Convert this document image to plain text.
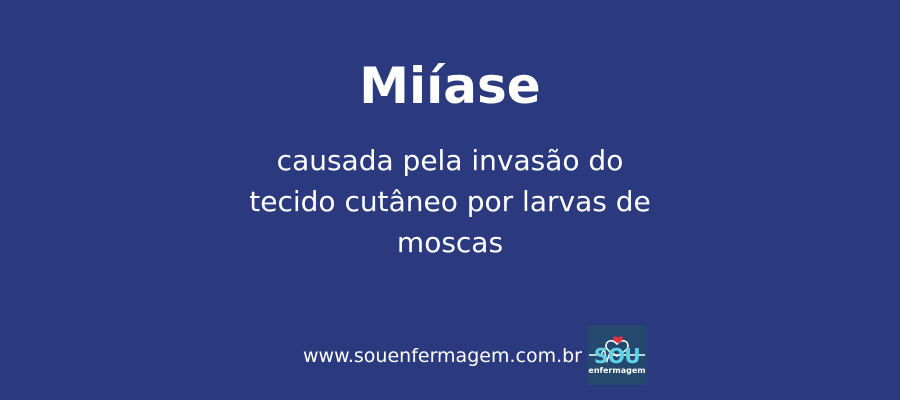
Miíase

causada pela invasão do
tecido cutâneo por larvas de
moscas

www.souenfermagem.com.br SOU
enfermagem
